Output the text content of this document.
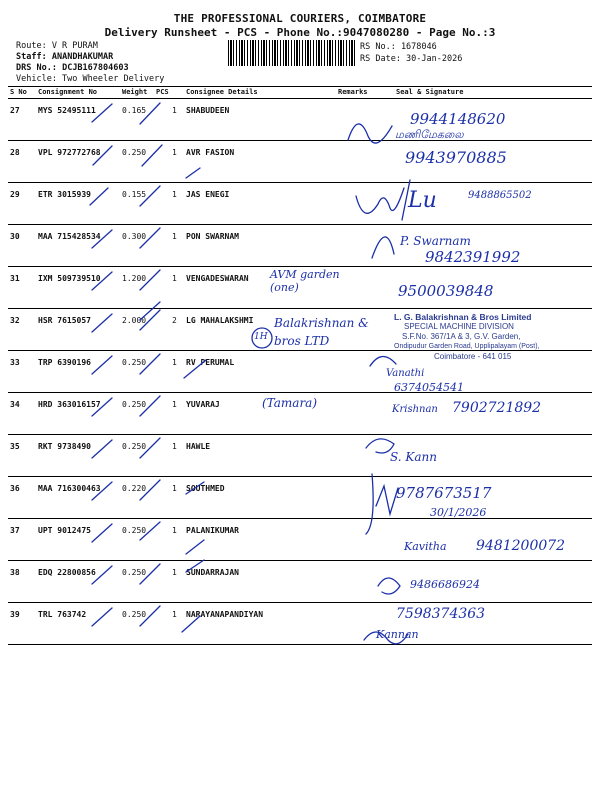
THE PROFESSIONAL COURIERS, COIMBATORE
Delivery Runsheet - PCS - Phone No.:9047080280 - Page No.:3
Route: V R PURAM
Staff: ANANDHAKUMAR
DRS No.: DCJB167804603
Vehicle: Two Wheeler Delivery
RS No.: 1678046
RS Date: 30-Jan-2026
S No Consignment No	Weight PCS Consignee Details	Remarks	Seal & Signature
27 MYS 52495111	0.165	1 SHABUDEEN
28 VPL 972772768	0.250	1 AVR FASION
29 ETR 3015939	0.155	1 JAS ENEGI
30 MAA 715428534	0.300	1 PON SWARNAM
31 IXM 509739510	1.200	1 VENGADESWARAN
32 HSR 7615057	2.000	2 LG MAHALAKSHMI
33 TRP 6390196	0.250	1 RV PERUMAL
34 HRD 363016157	0.250	1 YUVARAJ
35 RKT 9738490	0.250	1 HAWLE
36 MAA 716300463	0.220	1 SOUTHMED
37 UPT 9012475	0.250	1 PALANIKUMAR
38 EDQ 22800856	0.250	1 SUNDARRAJAN
39 TRL 763742	0.250	1 NARAYANAPANDIYAN
9944148620
மணிமேகலை
9943970885
Lu	9488865502
P. Swarnam
9842391992
AVM garden (one)	9500039848
Balakrishnan & bros LTD
1H
Vanathi
6374054541
(Tamara)	Krishnan 7902721892
S. Kann
9787673517
30/1/2026
Kavitha 9481200072
9486686924
7598374363
Kannan
L. G. Balakrishnan & Bros Limited
SPECIAL MACHINE DIVISION
S.F.No. 367/1A & 3, G.V. Garden,
Ondipudur Garden Road, Upplipalayam (Post),
Coimbatore - 641 015
